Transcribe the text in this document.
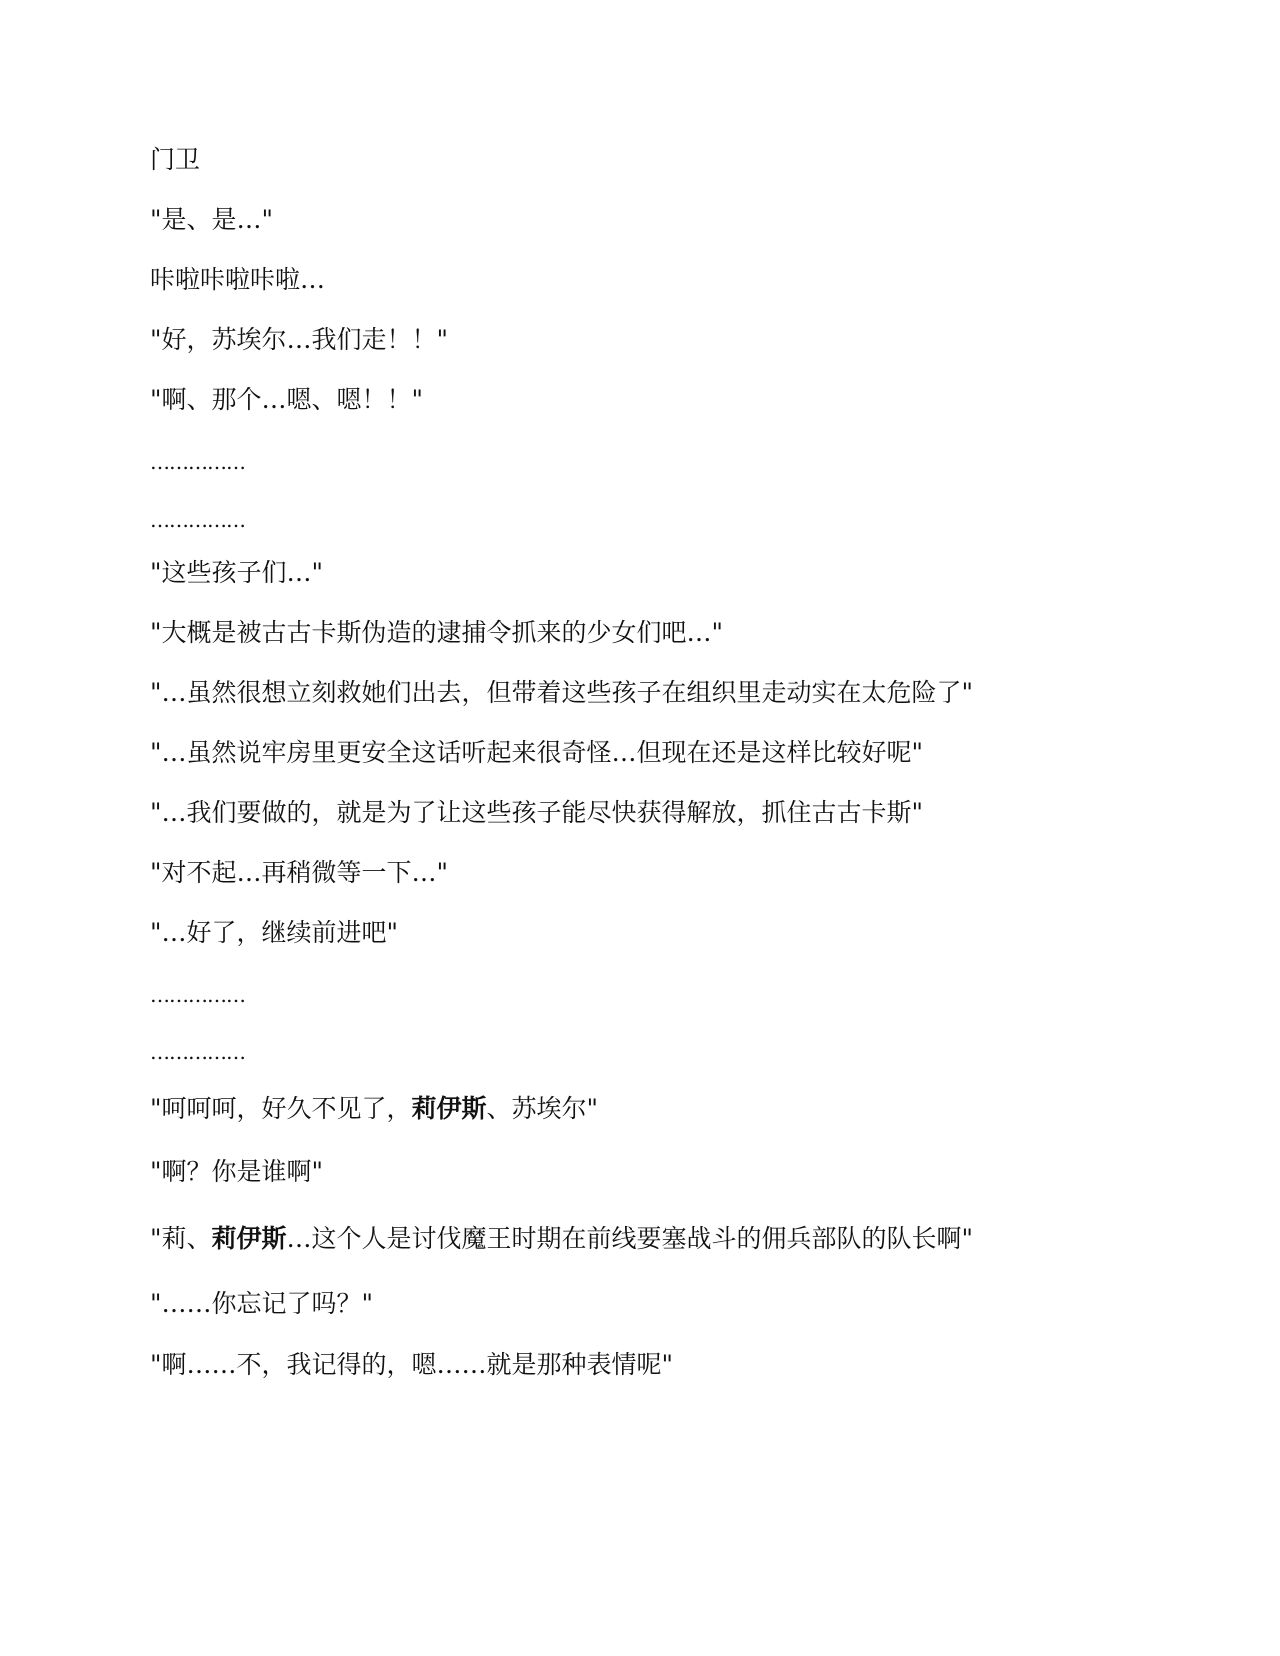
门卫

"是、是…"

咔啦咔啦咔啦…

"好，苏埃尔…我们走！！"

"啊、那个…嗯、嗯！！"

……………

……………

"这些孩子们…"

"大概是被古古卡斯伪造的逮捕令抓来的少女们吧…"

"…虽然很想立刻救她们出去，但带着这些孩子在组织里走动实在太危险了"

"…虽然说牢房里更安全这话听起来很奇怪…但现在还是这样比较好呢"

"…我们要做的，就是为了让这些孩子能尽快获得解放，抓住古古卡斯"

"对不起…再稍微等一下…"

"…好了，继续前进吧"

……………

……………

"呵呵呵，好久不见了，莉伊斯、苏埃尔"

"啊？你是谁啊"

"莉、莉伊斯…这个人是讨伐魔王时期在前线要塞战斗的佣兵部队的队长啊"

"……你忘记了吗？"

"啊……不，我记得的，嗯……就是那种表情呢"
